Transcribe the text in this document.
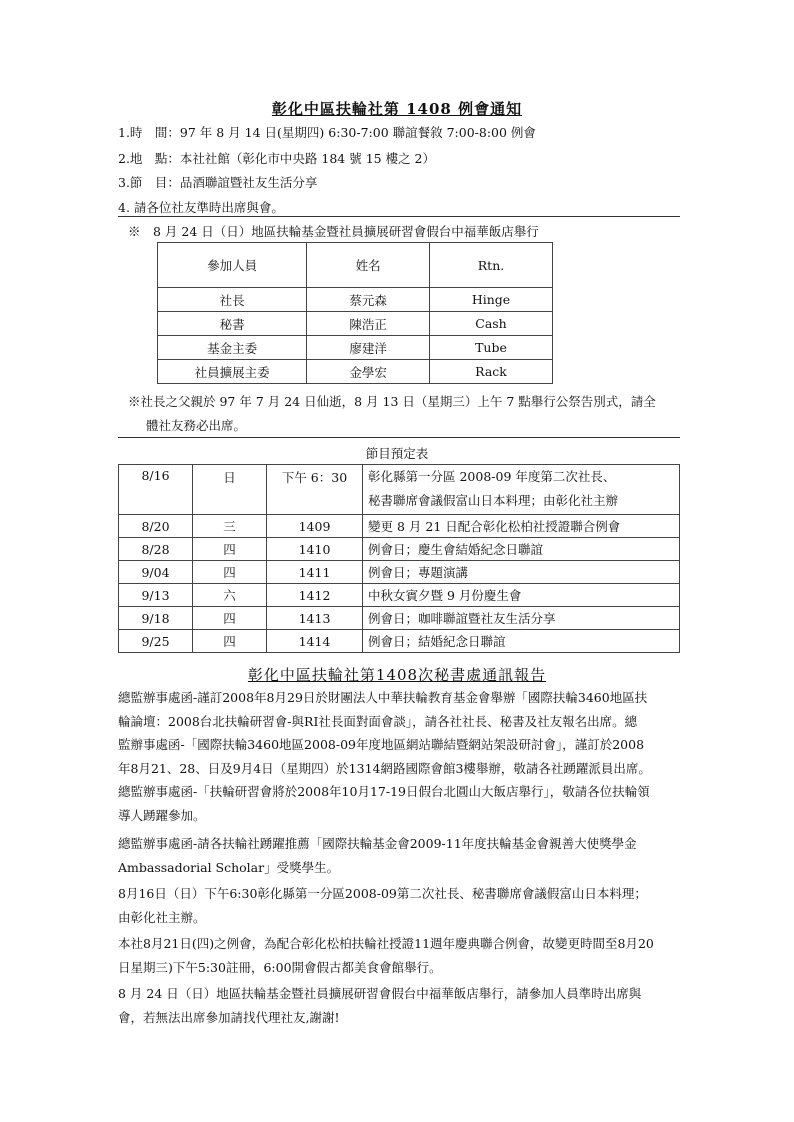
彰化中區扶輪社第 1408 例會通知
1.時　間：97 年 8 月 14 日(星期四) 6:30-7:00 聯誼餐敘 7:00-8:00 例會
2.地　點：本社社館（彰化市中央路 184 號 15 樓之 2）
3.節　目：品酒聯誼暨社友生活分享
4. 請各位社友準時出席與會。
※　8 月 24 日（日）地區扶輪基金暨社員擴展研習會假台中福華飯店舉行
參加人員	姓名	Rtn.
社長	蔡元森	Hinge
秘書	陳浩正	Cash
基金主委	廖建洋	Tube
社員擴展主委	金學宏	Rack
※社長之父親於 97 年 7 月 24 日仙逝，8 月 13 日（星期三）上午 7 點舉行公祭告別式，請全
體社友務必出席。
節目預定表
8/16	日	下午 6：30	彰化縣第一分區 2008-09 年度第二次社長、
秘書聯席會議假富山日本料理；由彰化社主辦

8/20	三	1409	變更 8 月 21 日配合彰化松柏社授證聯合例會
8/28	四	1410	例會日；慶生會結婚紀念日聯誼
9/04	四	1411	例會日；專題演講
9/13	六	1412	中秋女賓夕暨 9 月份慶生會
9/18	四	1413	例會日；咖啡聯誼暨社友生活分享
9/25	四	1414	例會日；結婚紀念日聯誼
彰化中區扶輪社第1408次秘書處通訊報告

總監辦事處函-謹訂2008年8月29日於財團法人中華扶輪教育基金會舉辦「國際扶輪3460地區扶
輪論壇：2008台北扶輪研習會-與RI社長面對面會談」，請各社社長、秘書及社友報名出席。總
監辦事處函-「國際扶輪3460地區2008-09年度地區網站聯結暨網站架設研討會」，謹訂於2008
年8月21、28、日及9月4日（星期四）於1314網路國際會館3樓舉辦，敬請各社踴躍派員出席。
總監辦事處函-「扶輪研習會將於2008年10月17-19日假台北圓山大飯店舉行」，敬請各位扶輪領
導人踴躍參加。

總監辦事處函-請各扶輪社踴躍推薦「國際扶輪基金會2009-11年度扶輪基金會親善大使獎學金
Ambassadorial Scholar」受獎學生。

8月16日（日）下午6:30彰化縣第一分區2008-09第二次社長、秘書聯席會議假富山日本料理；
由彰化社主辦。

本社8月21日(四)之例會，為配合彰化松柏扶輪社授證11週年慶典聯合例會，故變更時間至8月20
日星期三)下午5:30註冊，6:00開會假古都美食會館舉行。

8 月 24 日（日）地區扶輪基金暨社員擴展研習會假台中福華飯店舉行，請參加人員準時出席與
會，若無法出席參加請找代理社友,謝謝!
